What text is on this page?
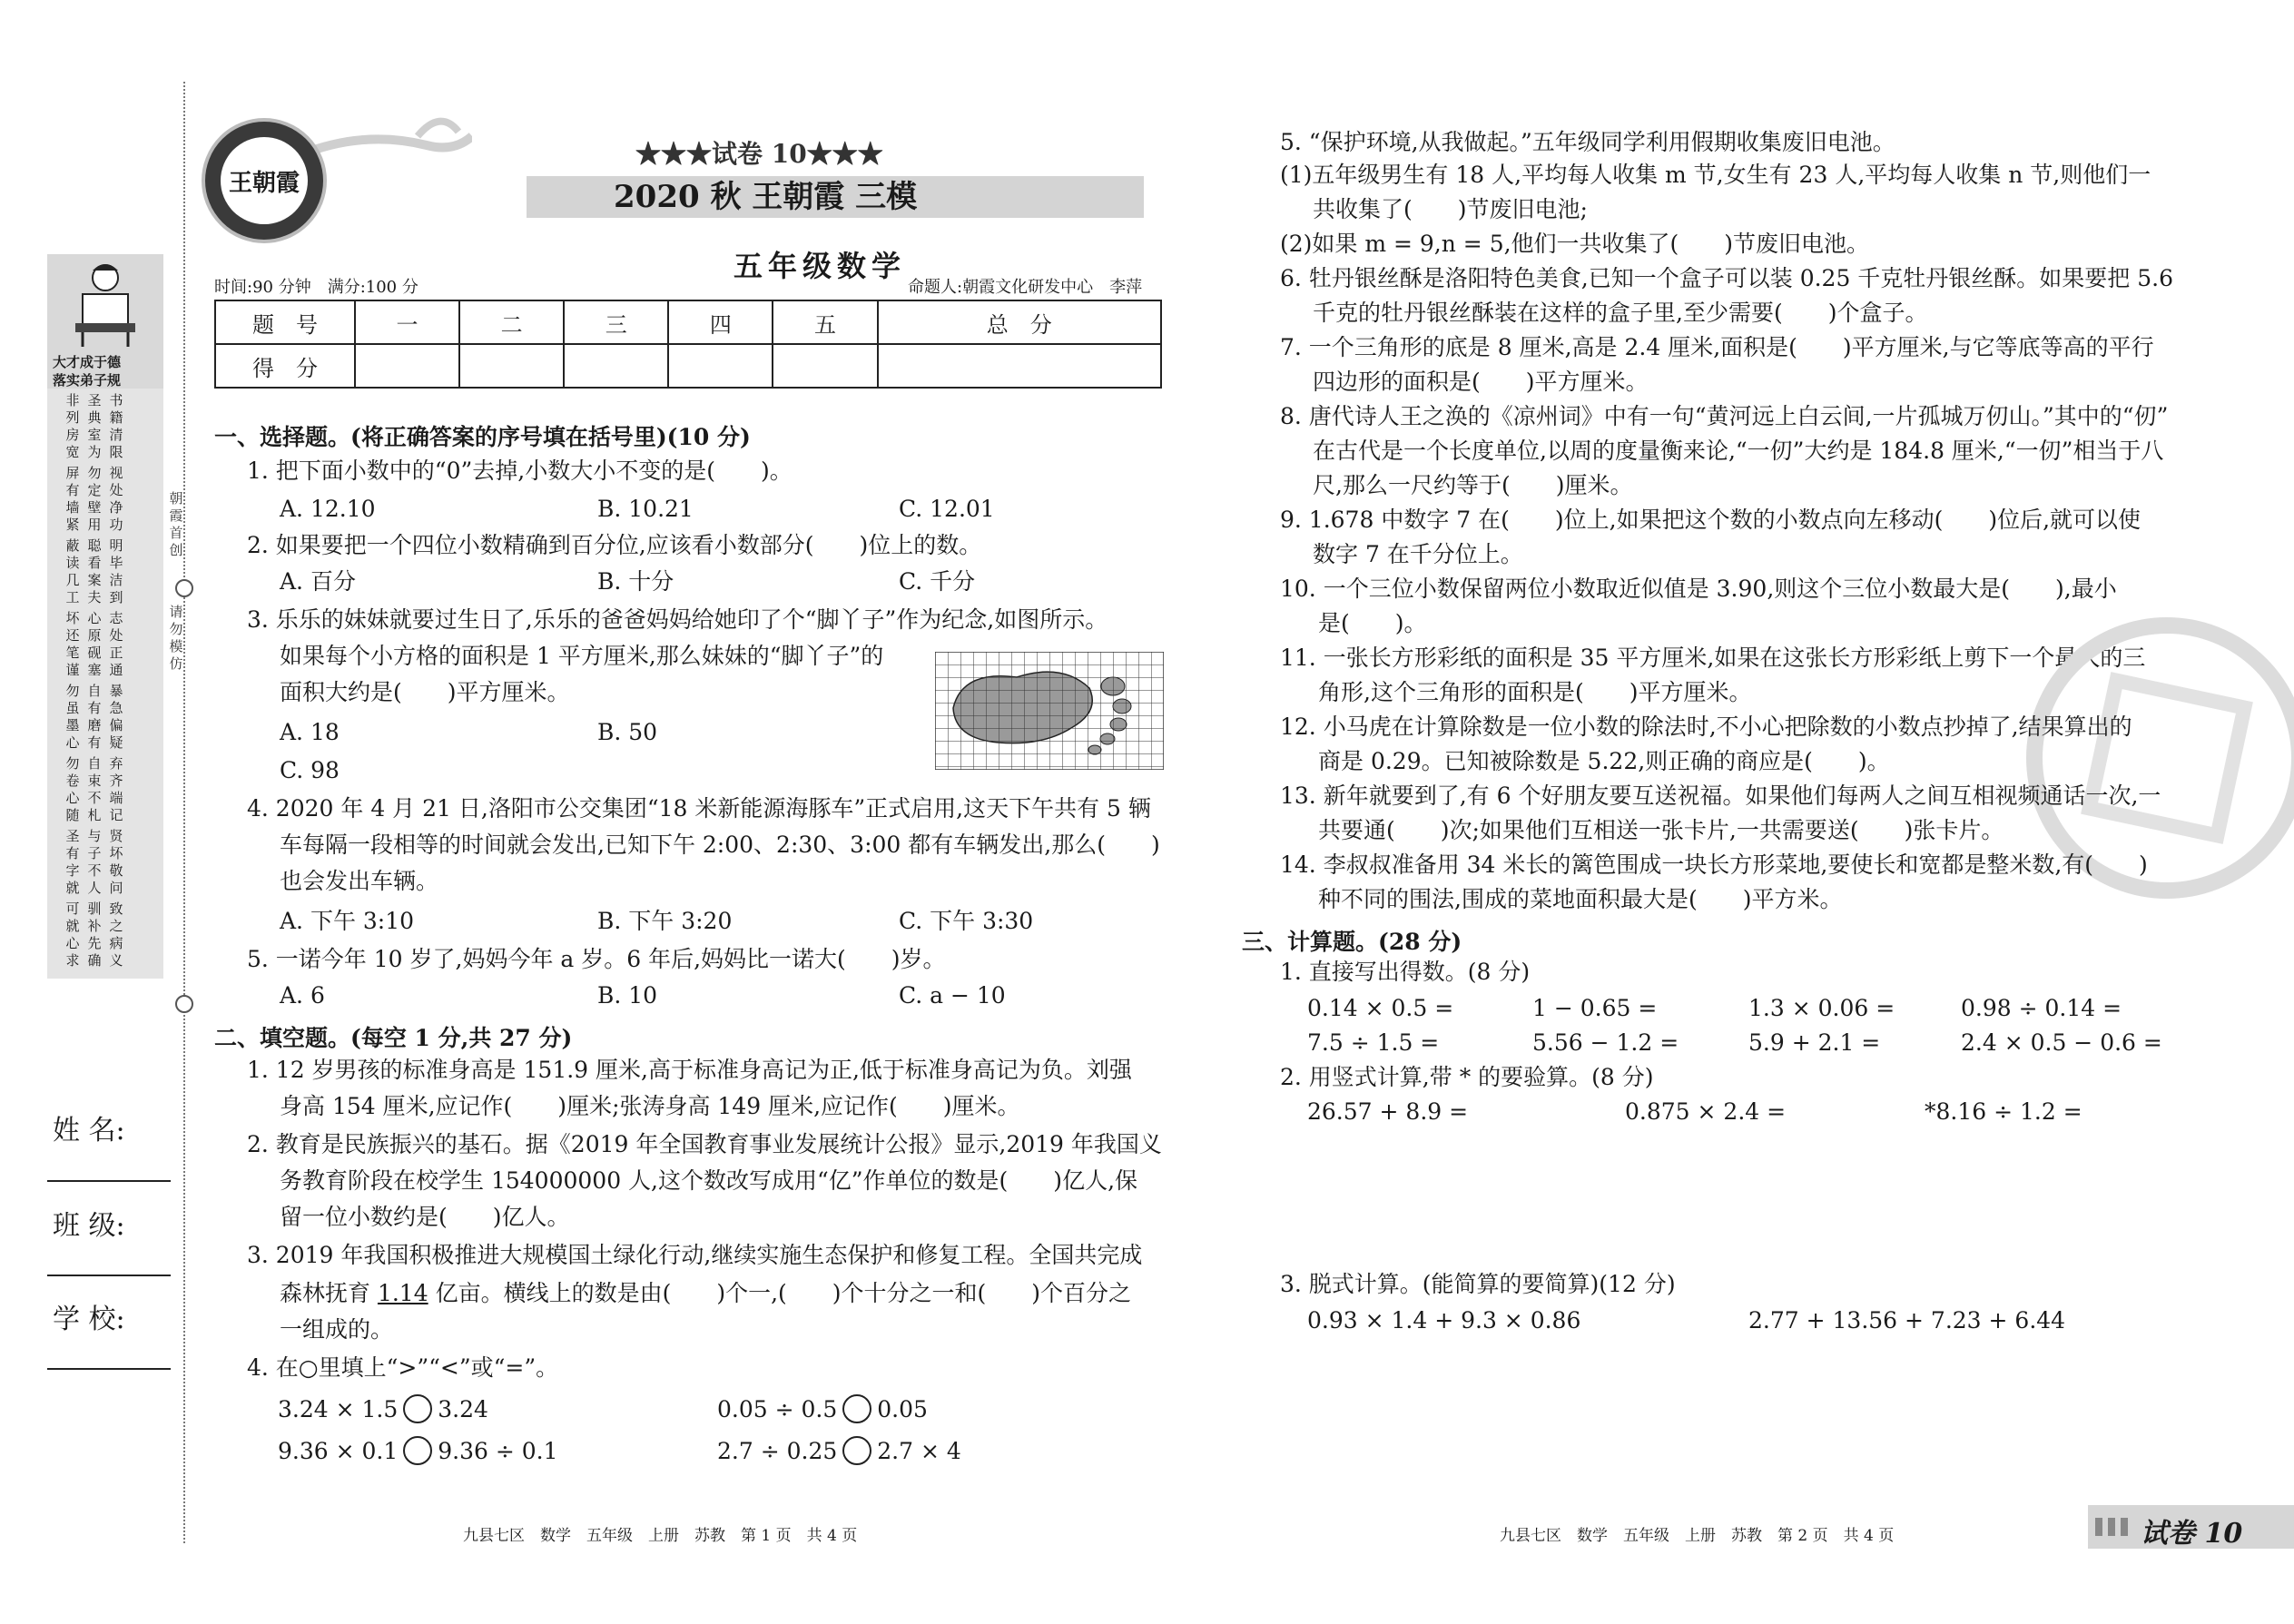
大才成于德
落实弟子规
非列房宽
圣典室为
书籍清限
屏有墙紧
勿定壁用
视处净功
蔽读几工
聪看案夫
明毕洁到
坏还笔谨
心原砚塞
志处正通
勿虽墨心
自有磨有
暴急偏疑
勿卷心随
自束不札
弃齐端记
圣有字就
与子不人
贤坏敬问
可就心求
驯补先确
致之病义
朝霞首创
请勿模仿
姓 名:
班 级:
学 校:
王朝霞
★★★试卷 10★★★
2020 秋 王朝霞 三模
五年级数学
时间:90 分钟　满分:100 分	命题人:朝霞文化研发中心　李萍
题　号	一	二	三	四	五	总　分
得　分						
一、选择题。(将正确答案的序号填在括号里)(10 分)
1. 把下面小数中的“0”去掉,小数大小不变的是(　　)。
A. 12.10	B. 10.21	C. 12.01
2. 如果要把一个四位小数精确到百分位,应该看小数部分(　　)位上的数。
A. 百分	B. 十分	C. 千分
3. 乐乐的妹妹就要过生日了,乐乐的爸爸妈妈给她印了个“脚丫子”作为纪念,如图所示。
如果每个小方格的面积是 1 平方厘米,那么妹妹的“脚丫子”的
面积大约是(　　)平方厘米。
A. 18	B. 50
C. 98
4. 2020 年 4 月 21 日,洛阳市公交集团“18 米新能源海豚车”正式启用,这天下午共有 5 辆
车每隔一段相等的时间就会发出,已知下午 2:00、2:30、3:00 都有车辆发出,那么(　　)
也会发出车辆。
A. 下午 3:10	B. 下午 3:20	C. 下午 3:30
5. 一诺今年 10 岁了,妈妈今年 a 岁。6 年后,妈妈比一诺大(　　)岁。
A. 6	B. 10	C. a − 10
二、填空题。(每空 1 分,共 27 分)
1. 12 岁男孩的标准身高是 151.9 厘米,高于标准身高记为正,低于标准身高记为负。刘强
身高 154 厘米,应记作(　　)厘米;张涛身高 149 厘米,应记作(　　)厘米。
2. 教育是民族振兴的基石。据《2019 年全国教育事业发展统计公报》显示,2019 年我国义
务教育阶段在校学生 154000000 人,这个数改写成用“亿”作单位的数是(　　)亿人,保
留一位小数约是(　　)亿人。
3. 2019 年我国积极推进大规模国土绿化行动,继续实施生态保护和修复工程。全国共完成
森林抚育 1.14 亿亩。横线上的数是由(　　)个一,(　　)个十分之一和(　　)个百分之
一组成的。
4. 在○里填上“>”“<”或“=”。
3.24 × 1.5 3.24	0.05 ÷ 0.5 0.05
9.36 × 0.1 9.36 ÷ 0.1	2.7 ÷ 0.25 2.7 × 4
九县七区　数学　五年级　上册　苏教　第 1 页　共 4 页
5. “保护环境,从我做起。”五年级同学利用假期收集废旧电池。
(1)五年级男生有 18 人,平均每人收集 m 节,女生有 23 人,平均每人收集 n 节,则他们一
共收集了(　　)节废旧电池;
(2)如果 m = 9,n = 5,他们一共收集了(　　)节废旧电池。
6. 牡丹银丝酥是洛阳特色美食,已知一个盒子可以装 0.25 千克牡丹银丝酥。如果要把 5.6
千克的牡丹银丝酥装在这样的盒子里,至少需要(　　)个盒子。
7. 一个三角形的底是 8 厘米,高是 2.4 厘米,面积是(　　)平方厘米,与它等底等高的平行
四边形的面积是(　　)平方厘米。
8. 唐代诗人王之涣的《凉州词》中有一句“黄河远上白云间,一片孤城万仞山。”其中的“仞”
在古代是一个长度单位,以周的度量衡来论,“一仞”大约是 184.8 厘米,“一仞”相当于八
尺,那么一尺约等于(　　)厘米。
9. 1.678 中数字 7 在(　　)位上,如果把这个数的小数点向左移动(　　)位后,就可以使
数字 7 在千分位上。
10. 一个三位小数保留两位小数取近似值是 3.90,则这个三位小数最大是(　　),最小
是(　　)。
11. 一张长方形彩纸的面积是 35 平方厘米,如果在这张长方形彩纸上剪下一个最大的三
角形,这个三角形的面积是(　　)平方厘米。
12. 小马虎在计算除数是一位小数的除法时,不小心把除数的小数点抄掉了,结果算出的
商是 0.29。已知被除数是 5.22,则正确的商应是(　　)。
13. 新年就要到了,有 6 个好朋友要互送祝福。如果他们每两人之间互相视频通话一次,一
共要通(　　)次;如果他们互相送一张卡片,一共需要送(　　)张卡片。
14. 李叔叔准备用 34 米长的篱笆围成一块长方形菜地,要使长和宽都是整米数,有(　　)
种不同的围法,围成的菜地面积最大是(　　)平方米。
三、计算题。(28 分)
1. 直接写出得数。(8 分)
0.14 × 0.5 =	1 − 0.65 =	1.3 × 0.06 =	0.98 ÷ 0.14 =
7.5 ÷ 1.5 =	5.56 − 1.2 =	5.9 + 2.1 =	2.4 × 0.5 − 0.6 =
2. 用竖式计算,带 * 的要验算。(8 分)
26.57 + 8.9 =	0.875 × 2.4 =	*8.16 ÷ 1.2 =
3. 脱式计算。(能简算的要简算)(12 分)
0.93 × 1.4 + 9.3 × 0.86	2.77 + 13.56 + 7.23 + 6.44
九县七区　数学　五年级　上册　苏教　第 2 页　共 4 页	试卷 10
